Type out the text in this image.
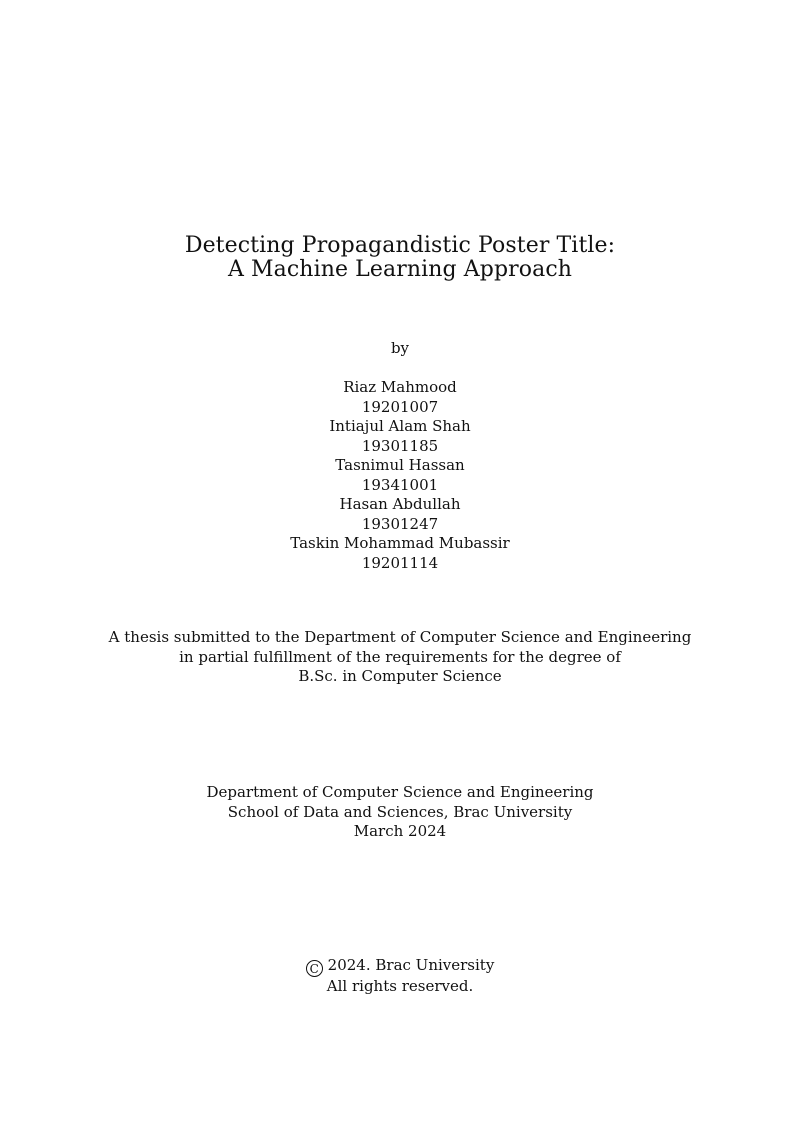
Detecting Propagandistic Poster Title:
A Machine Learning Approach
by
Riaz Mahmood
19201007
Intiajul Alam Shah
19301185
Tasnimul Hassan
19341001
Hasan Abdullah
19301247
Taskin Mohammad Mubassir
19201114
A thesis submitted to the Department of Computer Science and Engineering
in partial fulfillment of the requirements for the degree of
B.Sc. in Computer Science
Department of Computer Science and Engineering
School of Data and Sciences, Brac University
March 2024
C 2024. Brac University
All rights reserved.
